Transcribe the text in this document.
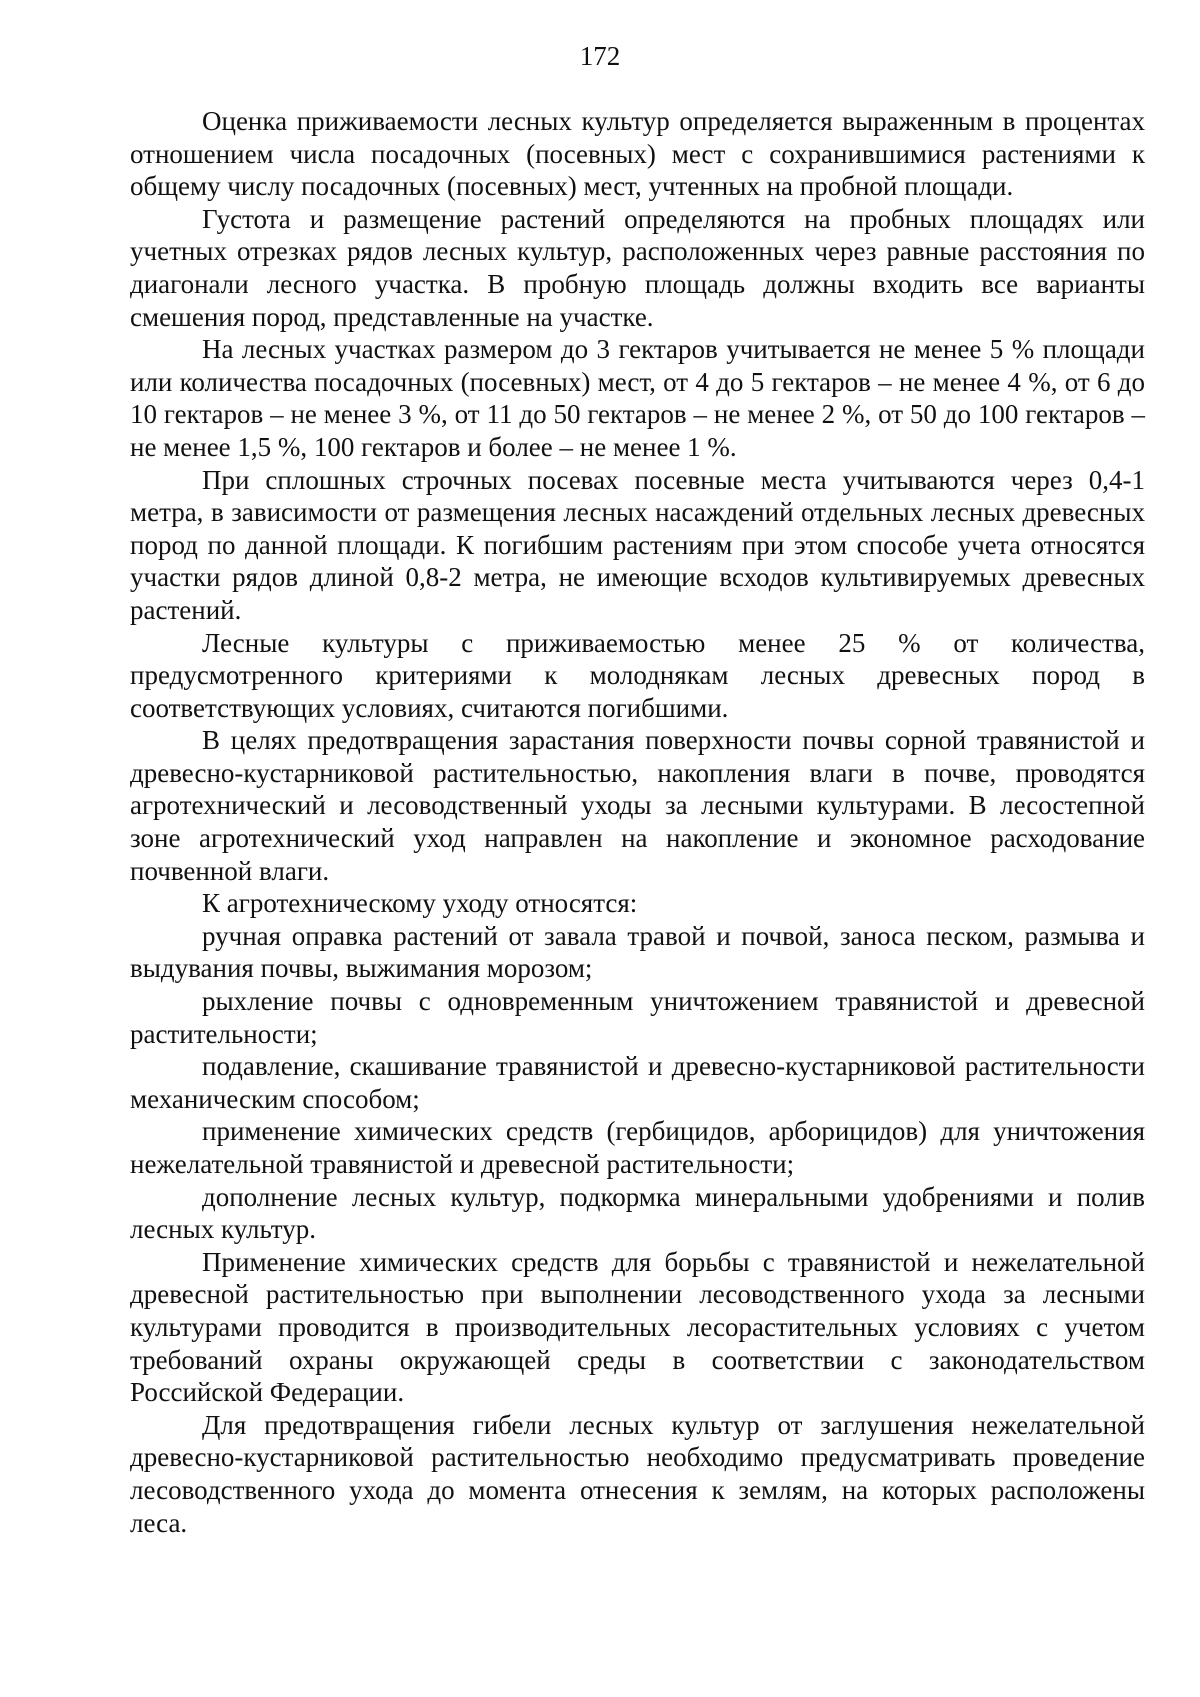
172

Оценка приживаемости лесных культур определяется выраженным в процентах отношением числа посадочных (посевных) мест с сохранившимися растениями к общему числу посадочных (посевных) мест, учтенных на пробной площади.

Густота и размещение растений определяются на пробных площадях или учетных отрезках рядов лесных культур, расположенных через равные расстояния по диагонали лесного участка. В пробную площадь должны входить все варианты смешения пород, представленные на участке.

На лесных участках размером до 3 гектаров учитывается не менее 5 % площади или количества посадочных (посевных) мест, от 4 до 5 гектаров – не менее 4 %, от 6 до 10 гектаров – не менее 3 %, от 11 до 50 гектаров – не менее 2 %, от 50 до 100 гектаров – не менее 1,5 %, 100 гектаров и более – не менее 1 %.

При сплошных строчных посевах посевные места учитываются через 0,4-1 метра, в зависимости от размещения лесных насаждений отдельных лесных древесных пород по данной площади. К погибшим растениям при этом способе учета относятся участки рядов длиной 0,8-2 метра, не имеющие всходов культивируемых древесных растений.

Лесные культуры с приживаемостью менее 25 % от количества, предусмотренного критериями к молоднякам лесных древесных пород в соответствующих условиях, считаются погибшими.

В целях предотвращения зарастания поверхности почвы сорной травянистой и древесно-кустарниковой растительностью, накопления влаги в почве, проводятся агротехнический и лесоводственный уходы за лесными культурами. В лесостепной зоне агротехнический уход направлен на накопление и экономное расходование почвенной влаги.

К агротехническому уходу относятся:

ручная оправка растений от завала травой и почвой, заноса песком, размыва и выдувания почвы, выжимания морозом;

рыхление почвы с одновременным уничтожением травянистой и древесной растительности;

подавление, скашивание травянистой и древесно-кустарниковой растительности механическим способом;

применение химических средств (гербицидов, арборицидов) для уничтожения нежелательной травянистой и древесной растительности;

дополнение лесных культур, подкормка минеральными удобрениями и полив лесных культур.

Применение химических средств для борьбы с травянистой и нежелательной древесной растительностью при выполнении лесоводственного ухода за лесными культурами проводится в производительных лесорастительных условиях с учетом требований охраны окружающей среды в соответствии с законодательством Российской Федерации.

Для предотвращения гибели лесных культур от заглушения нежелательной древесно-кустарниковой растительностью необходимо предусматривать проведение лесоводственного ухода до момента отнесения к землям, на которых расположены леса.
